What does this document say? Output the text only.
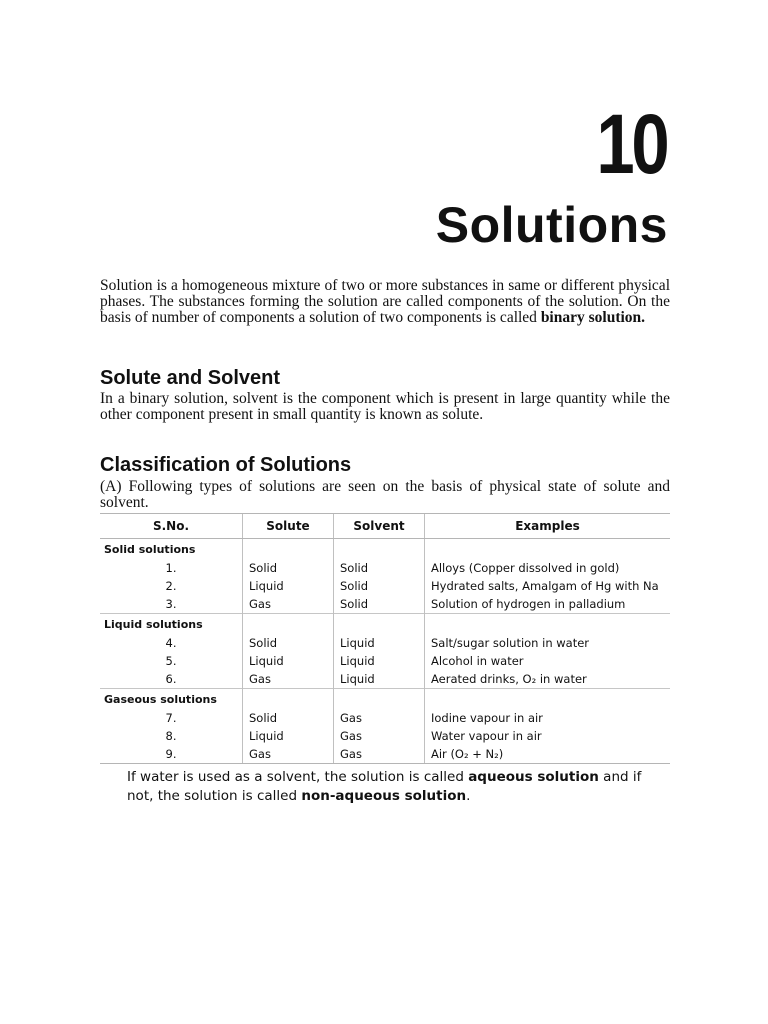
10
Solutions

Solution is a homogeneous mixture of two or more substances in same or different physical phases. The substances forming the solution are called components of the solution. On the basis of number of components a solution of two components is called binary solution.

Solute and Solvent

In a binary solution, solvent is the component which is present in large quantity while the other component present in small quantity is known as solute.

Classification of Solutions

(A) Following types of solutions are seen on the basis of physical state of solute and solvent.

S.No.	Solute	Solvent	Examples
Solid solutions			
1.	Solid	Solid	Alloys (Copper dissolved in gold)
2.	Liquid	Solid	Hydrated salts, Amalgam of Hg with Na
3.	Gas	Solid	Solution of hydrogen in palladium
Liquid solutions			
4.	Solid	Liquid	Salt/sugar solution in water
5.	Liquid	Liquid	Alcohol in water
6.	Gas	Liquid	Aerated drinks, O₂ in water
Gaseous solutions			
7.	Solid	Gas	Iodine vapour in air
8.	Liquid	Gas	Water vapour in air
9.	Gas	Gas	Air (O₂ + N₂)

If water is used as a solvent, the solution is called aqueous solution and if not, the solution is called non-aqueous solution.
